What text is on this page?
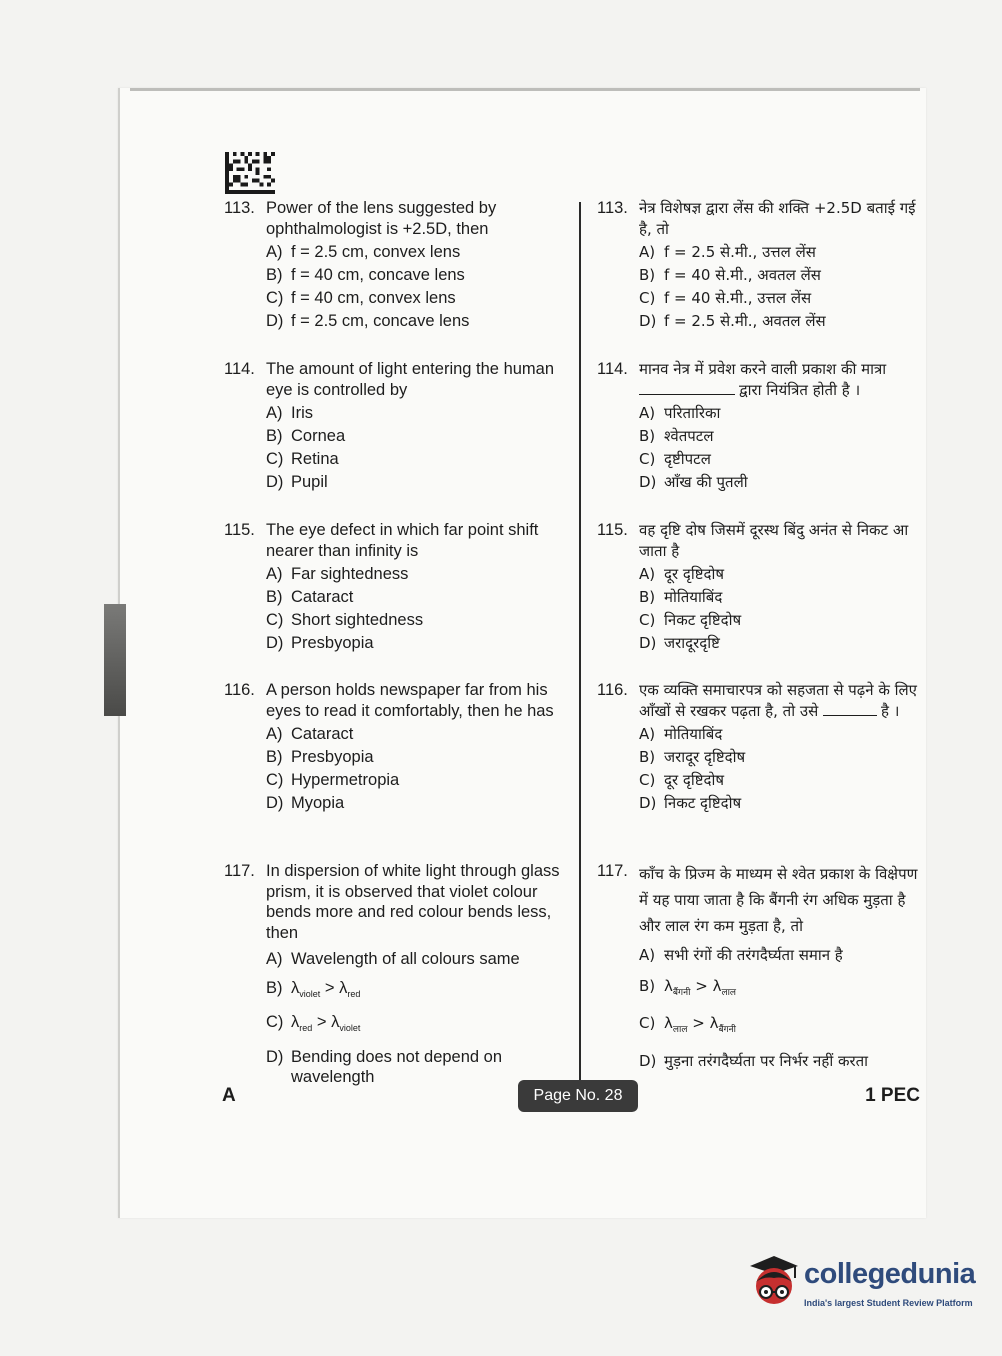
113. Power of the lens suggested by ophthalmologist is +2.5D, then
A) f = 2.5 cm, convex lens
B) f = 40 cm, concave lens
C) f = 40 cm, convex lens
D) f = 2.5 cm, concave lens
114. The amount of light entering the human eye is controlled by
A) Iris
B) Cornea
C) Retina
D) Pupil
115. The eye defect in which far point shift nearer than infinity is
A) Far sightedness
B) Cataract
C) Short sightedness
D) Presbyopia
116. A person holds newspaper far from his eyes to read it comfortably, then he has
A) Cataract
B) Presbyopia
C) Hypermetropia
D) Myopia
117. In dispersion of white light through glass prism, it is observed that violet colour bends more and red colour bends less, then
A) Wavelength of all colours same
B) $\lambda_{violet} > \lambda_{red}$
C) $\lambda_{red} > \lambda_{violet}$
D) Bending does not depend on wavelength
113. नेत्र विशेषज्ञ द्वारा लेंस की शक्ति +2.5D बताई गई है, तो
A) f = 2.5 से.मी., उत्तल लेंस
B) f = 40 से.मी., अवतल लेंस
C) f = 40 से.मी., उत्तल लेंस
D) f = 2.5 से.मी., अवतल लेंस
114. मानव नेत्र में प्रवेश करने वाली प्रकाश की मात्रा
द्वारा नियंत्रित होती है ।
A) परितारिका
B) श्वेतपटल
C) दृष्टीपटल
D) आँख की पुतली
115. वह दृष्टि दोष जिसमें दूरस्थ बिंदु अनंत से निकट आ जाता है
A) दूर दृष्टिदोष
B) मोतियाबिंद
C) निकट दृष्टिदोष
D) जरादूरदृष्टि
116. एक व्यक्ति समाचारपत्र को सहजता से पढ़ने के लिए आँखों से रखकर पढ़ता है, तो उसे	है ।
A) मोतियाबिंद
B) जरादूर दृष्टिदोष
C) दूर दृष्टिदोष
D) निकट दृष्टिदोष
117. काँच के प्रिज्म के माध्यम से श्वेत प्रकाश के विक्षेपण में यह पाया जाता है कि बैंगनी रंग अधिक मुड़ता है और लाल रंग कम मुड़ता है, तो
A) सभी रंगों की तरंगदैर्घ्यता समान है
B) $\lambda_{बैंगनी} > \lambda_{लाल}$
C) $\lambda_{लाल} > \lambda_{बैंगनी}$
D) मुड़ना तरंगदैर्घ्यता पर निर्भर नहीं करता
A	Page No. 28	1 PEC
collegedunia
India's largest Student Review Platform
